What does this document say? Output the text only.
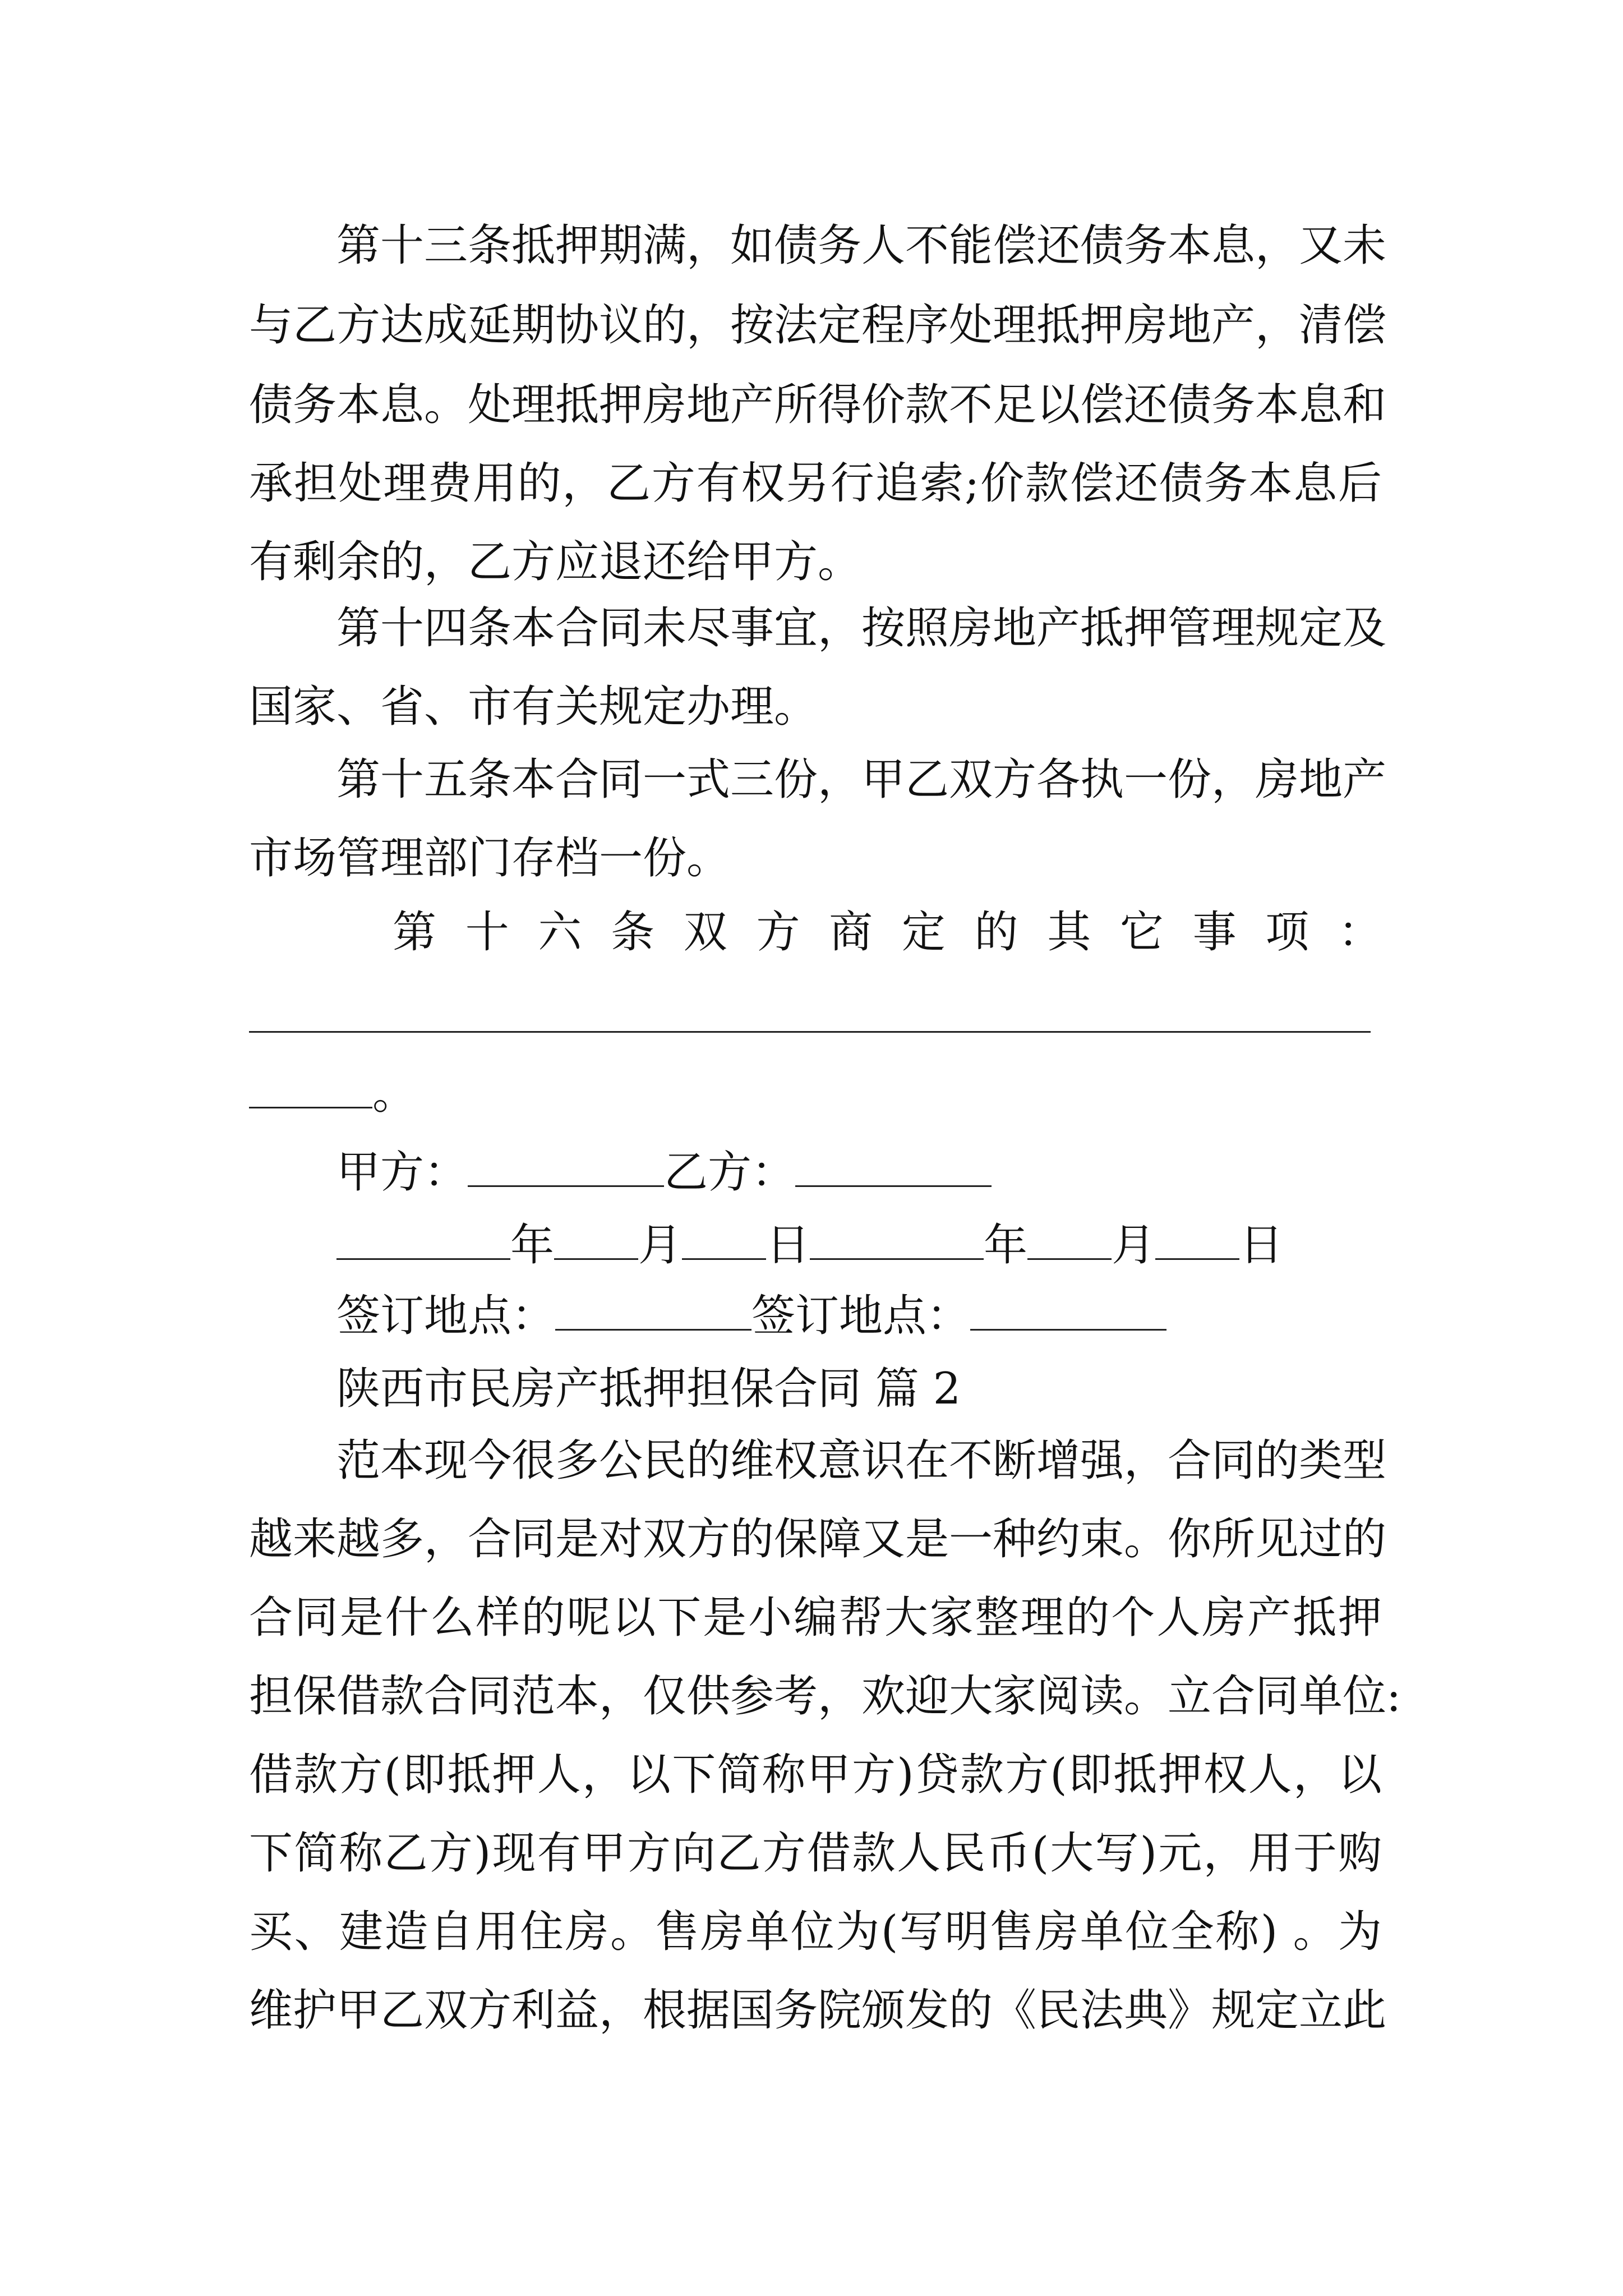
第十三条抵押期满，如债务人不能偿还债务本息，又未
与乙方达成延期协议的，按法定程序处理抵押房地产，清偿
债务本息。处理抵押房地产所得价款不足以偿还债务本息和
承担处理费用的，乙方有权另行追索;价款偿还债务本息后
有剩余的，乙方应退还给甲方。
第十四条本合同未尽事宜，按照房地产抵押管理规定及
国家、省、市有关规定办理。
第十五条本合同一式三份，甲乙双方各执一份，房地产
市场管理部门存档一份。
第十六条双方商定的其它事项：
。
甲方：	乙方：
年 月 日	年 月 日
签订地点：	签订地点：
陕西市民房产抵押担保合同 篇 2
范本现今很多公民的维权意识在不断增强，合同的类型
越来越多，合同是对双方的保障又是一种约束。你所见过的
合同是什么样的呢以下是小编帮大家整理的个人房产抵押
担保借款合同范本，仅供参考，欢迎大家阅读。立合同单位:
借款方(即抵押人，以下简称甲方)贷款方(即抵押权人，以
下简称乙方)现有甲方向乙方借款人民币(大写)元，用于购
买、建造自用住房。售房单位为(写明售房单位全称) 。为
维护甲乙双方利益，根据国务院颁发的《民法典》规定立此
